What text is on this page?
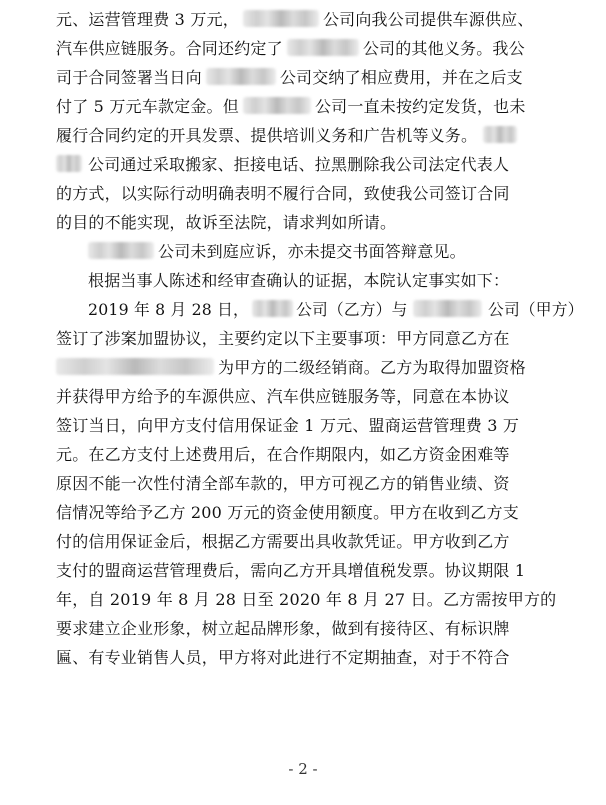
元、运营管理费 3 万元，	公司向我公司提供车源供应、
汽车供应链服务。合同还约定了	公司的其他义务。我公
司于合同签署当日向	公司交纳了相应费用，并在之后支
付了 5 万元车款定金。但	公司一直未按约定发货，也未
履行合同约定的开具发票、提供培训义务和广告机等义务。
公司通过采取搬家、拒接电话、拉黑删除我公司法定代表人
的方式，以实际行动明确表明不履行合同，致使我公司签订合同
的目的不能实现，故诉至法院，请求判如所请。
公司未到庭应诉，亦未提交书面答辩意见。
根据当事人陈述和经审查确认的证据，本院认定事实如下：
2019 年 8 月 28 日，	公司（乙方）与	公司（甲方）
签订了涉案加盟协议，主要约定以下主要事项：甲方同意乙方在
为甲方的二级经销商。乙方为取得加盟资格
并获得甲方给予的车源供应、汽车供应链服务等，同意在本协议
签订当日，向甲方支付信用保证金 1 万元、盟商运营管理费 3 万
元。在乙方支付上述费用后，在合作期限内，如乙方资金困难等
原因不能一次性付清全部车款的，甲方可视乙方的销售业绩、资
信情况等给予乙方 200 万元的资金使用额度。甲方在收到乙方支
付的信用保证金后，根据乙方需要出具收款凭证。甲方收到乙方
支付的盟商运营管理费后，需向乙方开具增值税发票。协议期限 1
年，自 2019 年 8 月 28 日至 2020 年 8 月 27 日。乙方需按甲方的
要求建立企业形象，树立起品牌形象，做到有接待区、有标识牌
匾、有专业销售人员，甲方将对此进行不定期抽查，对于不符合
- 2 -
